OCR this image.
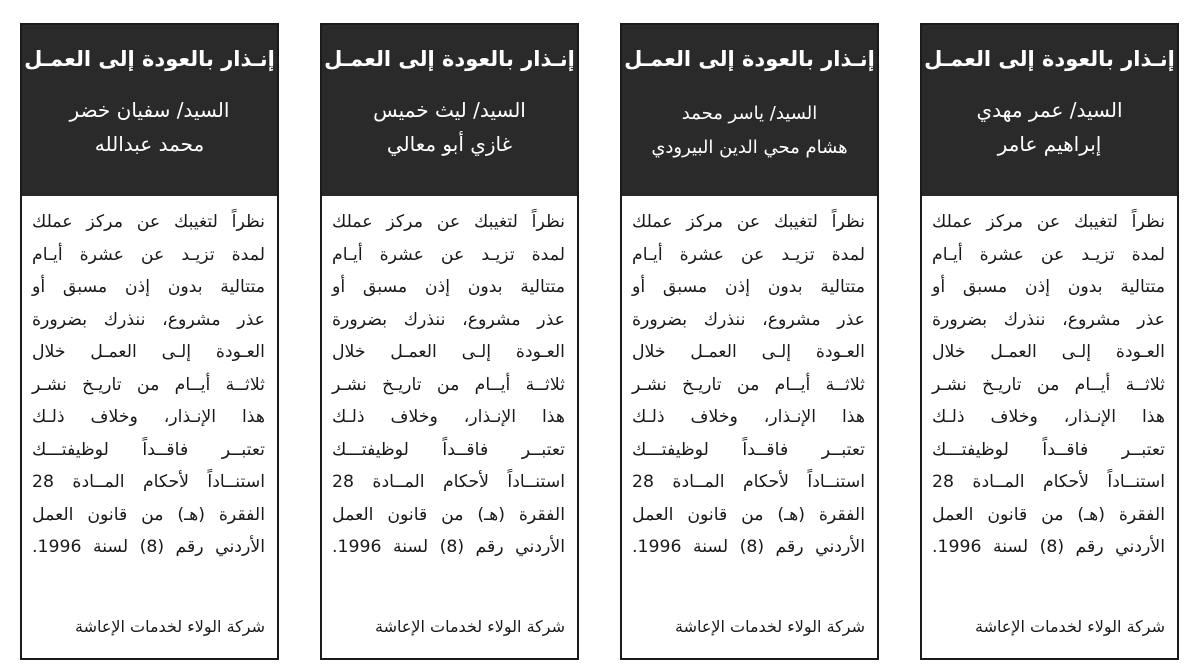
إنـذار بالعودة إلى العمـل
السيد/ عمر مهدي
إبراهيم عامر
نظراً لتغيبك عن مركز عملك
لمدة تزيـد عن عشرة أيـام
متتالية بدون إذن مسبق أو
عذر مشروع، ننذرك بضرورة
العـودة إلـى العمـل خلال
ثلاثــة أيــام من تاريـخ نشـر
هذا الإنـذار، وخلاف ذلـك
تعتبــر فاقــداً لوظيفتـــك
استنــاداً لأحكام المــادة 28
الفقرة (هـ) من قانون العمل
الأردني رقم (8) لسنة 1996.
شركة الولاء لخدمات الإعاشة
إنـذار بالعودة إلى العمـل
السيد/ ياسر محمد
هشام محي الدين البيرودي
نظراً لتغيبك عن مركز عملك
لمدة تزيـد عن عشرة أيـام
متتالية بدون إذن مسبق أو
عذر مشروع، ننذرك بضرورة
العـودة إلـى العمـل خلال
ثلاثــة أيــام من تاريـخ نشـر
هذا الإنـذار، وخلاف ذلـك
تعتبــر فاقــداً لوظيفتـــك
استنــاداً لأحكام المــادة 28
الفقرة (هـ) من قانون العمل
الأردني رقم (8) لسنة 1996.
شركة الولاء لخدمات الإعاشة
إنـذار بالعودة إلى العمـل
السيد/ ليث خميس
غازي أبو معالي
نظراً لتغيبك عن مركز عملك
لمدة تزيـد عن عشرة أيـام
متتالية بدون إذن مسبق أو
عذر مشروع، ننذرك بضرورة
العـودة إلـى العمـل خلال
ثلاثــة أيــام من تاريـخ نشـر
هذا الإنـذار، وخلاف ذلـك
تعتبــر فاقــداً لوظيفتـــك
استنــاداً لأحكام المــادة 28
الفقرة (هـ) من قانون العمل
الأردني رقم (8) لسنة 1996.
شركة الولاء لخدمات الإعاشة
إنـذار بالعودة إلى العمـل
السيد/ سفيان خضر
محمد عبدالله
نظراً لتغيبك عن مركز عملك
لمدة تزيـد عن عشرة أيـام
متتالية بدون إذن مسبق أو
عذر مشروع، ننذرك بضرورة
العـودة إلـى العمـل خلال
ثلاثــة أيــام من تاريـخ نشـر
هذا الإنـذار، وخلاف ذلـك
تعتبــر فاقــداً لوظيفتـــك
استنــاداً لأحكام المــادة 28
الفقرة (هـ) من قانون العمل
الأردني رقم (8) لسنة 1996.
شركة الولاء لخدمات الإعاشة
